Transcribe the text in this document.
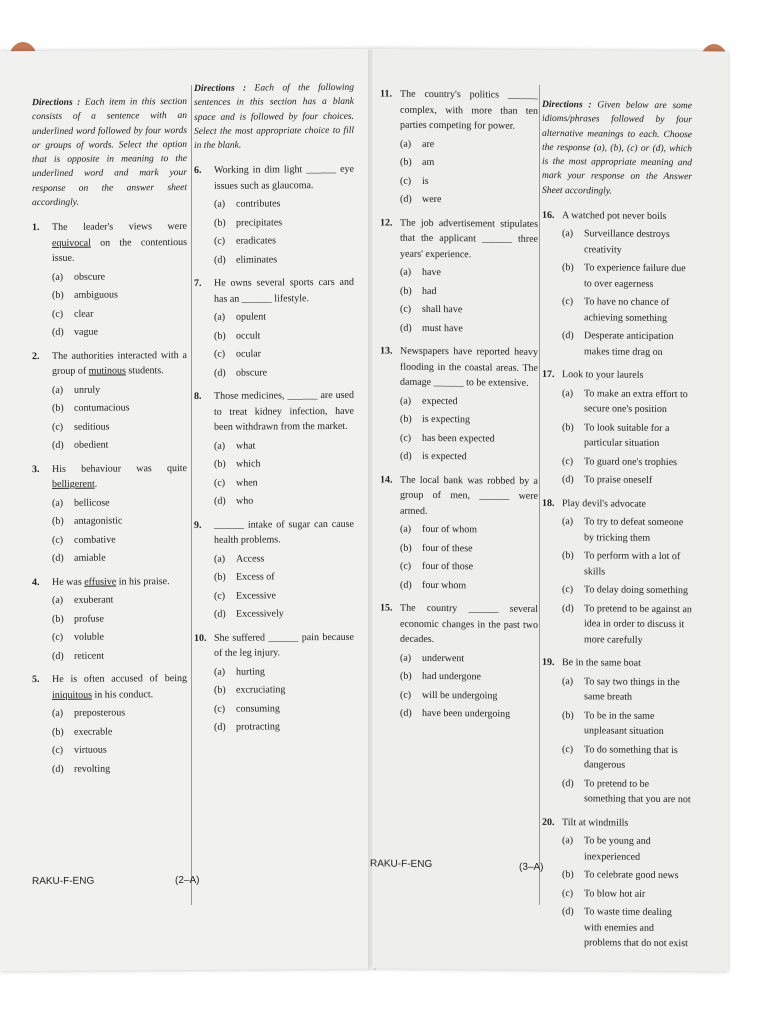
Directions : Each item in this section consists of a sentence with an underlined word followed by four words or groups of words. Select the option that is opposite in meaning to the underlined word and mark your response on the answer sheet accordingly.
1.	The leader's views were equivocal on the contentious issue.
(a)	obscure
(b)	ambiguous
(c)	clear
(d)	vague
2.	The authorities interacted with a group of mutinous students.
(a)	unruly
(b)	contumacious
(c)	seditious
(d)	obedient
3.	His behaviour was quite belligerent.
(a)	bellicose
(b)	antagonistic
(c)	combative
(d)	amiable
4.	He was effusive in his praise.
(a)	exuberant
(b)	profuse
(c)	voluble
(d)	reticent
5.	He is often accused of being iniquitous in his conduct.
(a)	preposterous
(b)	execrable
(c)	virtuous
(d)	revolting
Directions : Each of the following sentences in this section has a blank space and is followed by four choices. Select the most appropriate choice to fill in the blank.
6.	Working in dim light ______ eye issues such as glaucoma.
(a)	contributes
(b)	precipitates
(c)	eradicates
(d)	eliminates
7.	He owns several sports cars and has an ______ lifestyle.
(a)	opulent
(b)	occult
(c)	ocular
(d)	obscure
8.	Those medicines, ______ are used to treat kidney infection, have been withdrawn from the market.
(a)	what
(b)	which
(c)	when
(d)	who
9.	______ intake of sugar can cause health problems.
(a)	Access
(b)	Excess of
(c)	Excessive
(d)	Excessively
10. She suffered ______ pain because of the leg injury.
(a)	hurting
(b)	excruciating
(c)	consuming
(d)	protracting
RAKU-F-ENG	(2–A)
11. The country's politics ______ complex, with more than ten parties competing for power.
(a)	are
(b)	am
(c)	is
(d)	were
12. The job advertisement stipulates that the applicant ______ three years' experience.
(a)	have
(b)	had
(c)	shall have
(d)	must have
13. Newspapers have reported heavy flooding in the coastal areas. The damage ______ to be extensive.
(a)	expected
(b)	is expecting
(c)	has been expected
(d)	is expected
14. The local bank was robbed by a group of men, ______ were armed.
(a)	four of whom
(b)	four of these
(c)	four of those
(d)	four whom
15. The country ______ several economic changes in the past two decades.
(a)	underwent
(b)	had undergone
(c)	will be undergoing
(d)	have been undergoing
Directions : Given below are some idioms/phrases followed by four alternative meanings to each. Choose the response (a), (b), (c) or (d), which is the most appropriate meaning and mark your response on the Answer Sheet accordingly.
16. A watched pot never boils
(a)	Surveillance destroys creativity
(b)	To experience failure due to over eagerness
(c)	To have no chance of achieving something
(d)	Desperate anticipation makes time drag on
17. Look to your laurels
(a)	To make an extra effort to secure one's position
(b)	To look suitable for a particular situation
(c)	To guard one's trophies
(d)	To praise oneself
18. Play devil's advocate
(a)	To try to defeat someone by tricking them
(b)	To perform with a lot of skills
(c)	To delay doing something
(d)	To pretend to be against an idea in order to discuss it more carefully
19. Be in the same boat
(a)	To say two things in the same breath
(b)	To be in the same unpleasant situation
(c)	To do something that is dangerous
(d)	To pretend to be something that you are not
20. Tilt at windmills
(a)	To be young and inexperienced
(b)	To celebrate good news
(c)	To blow hot air
(d)	To waste time dealing with enemies and problems that do not exist
RAKU-F-ENG	(3–A)
